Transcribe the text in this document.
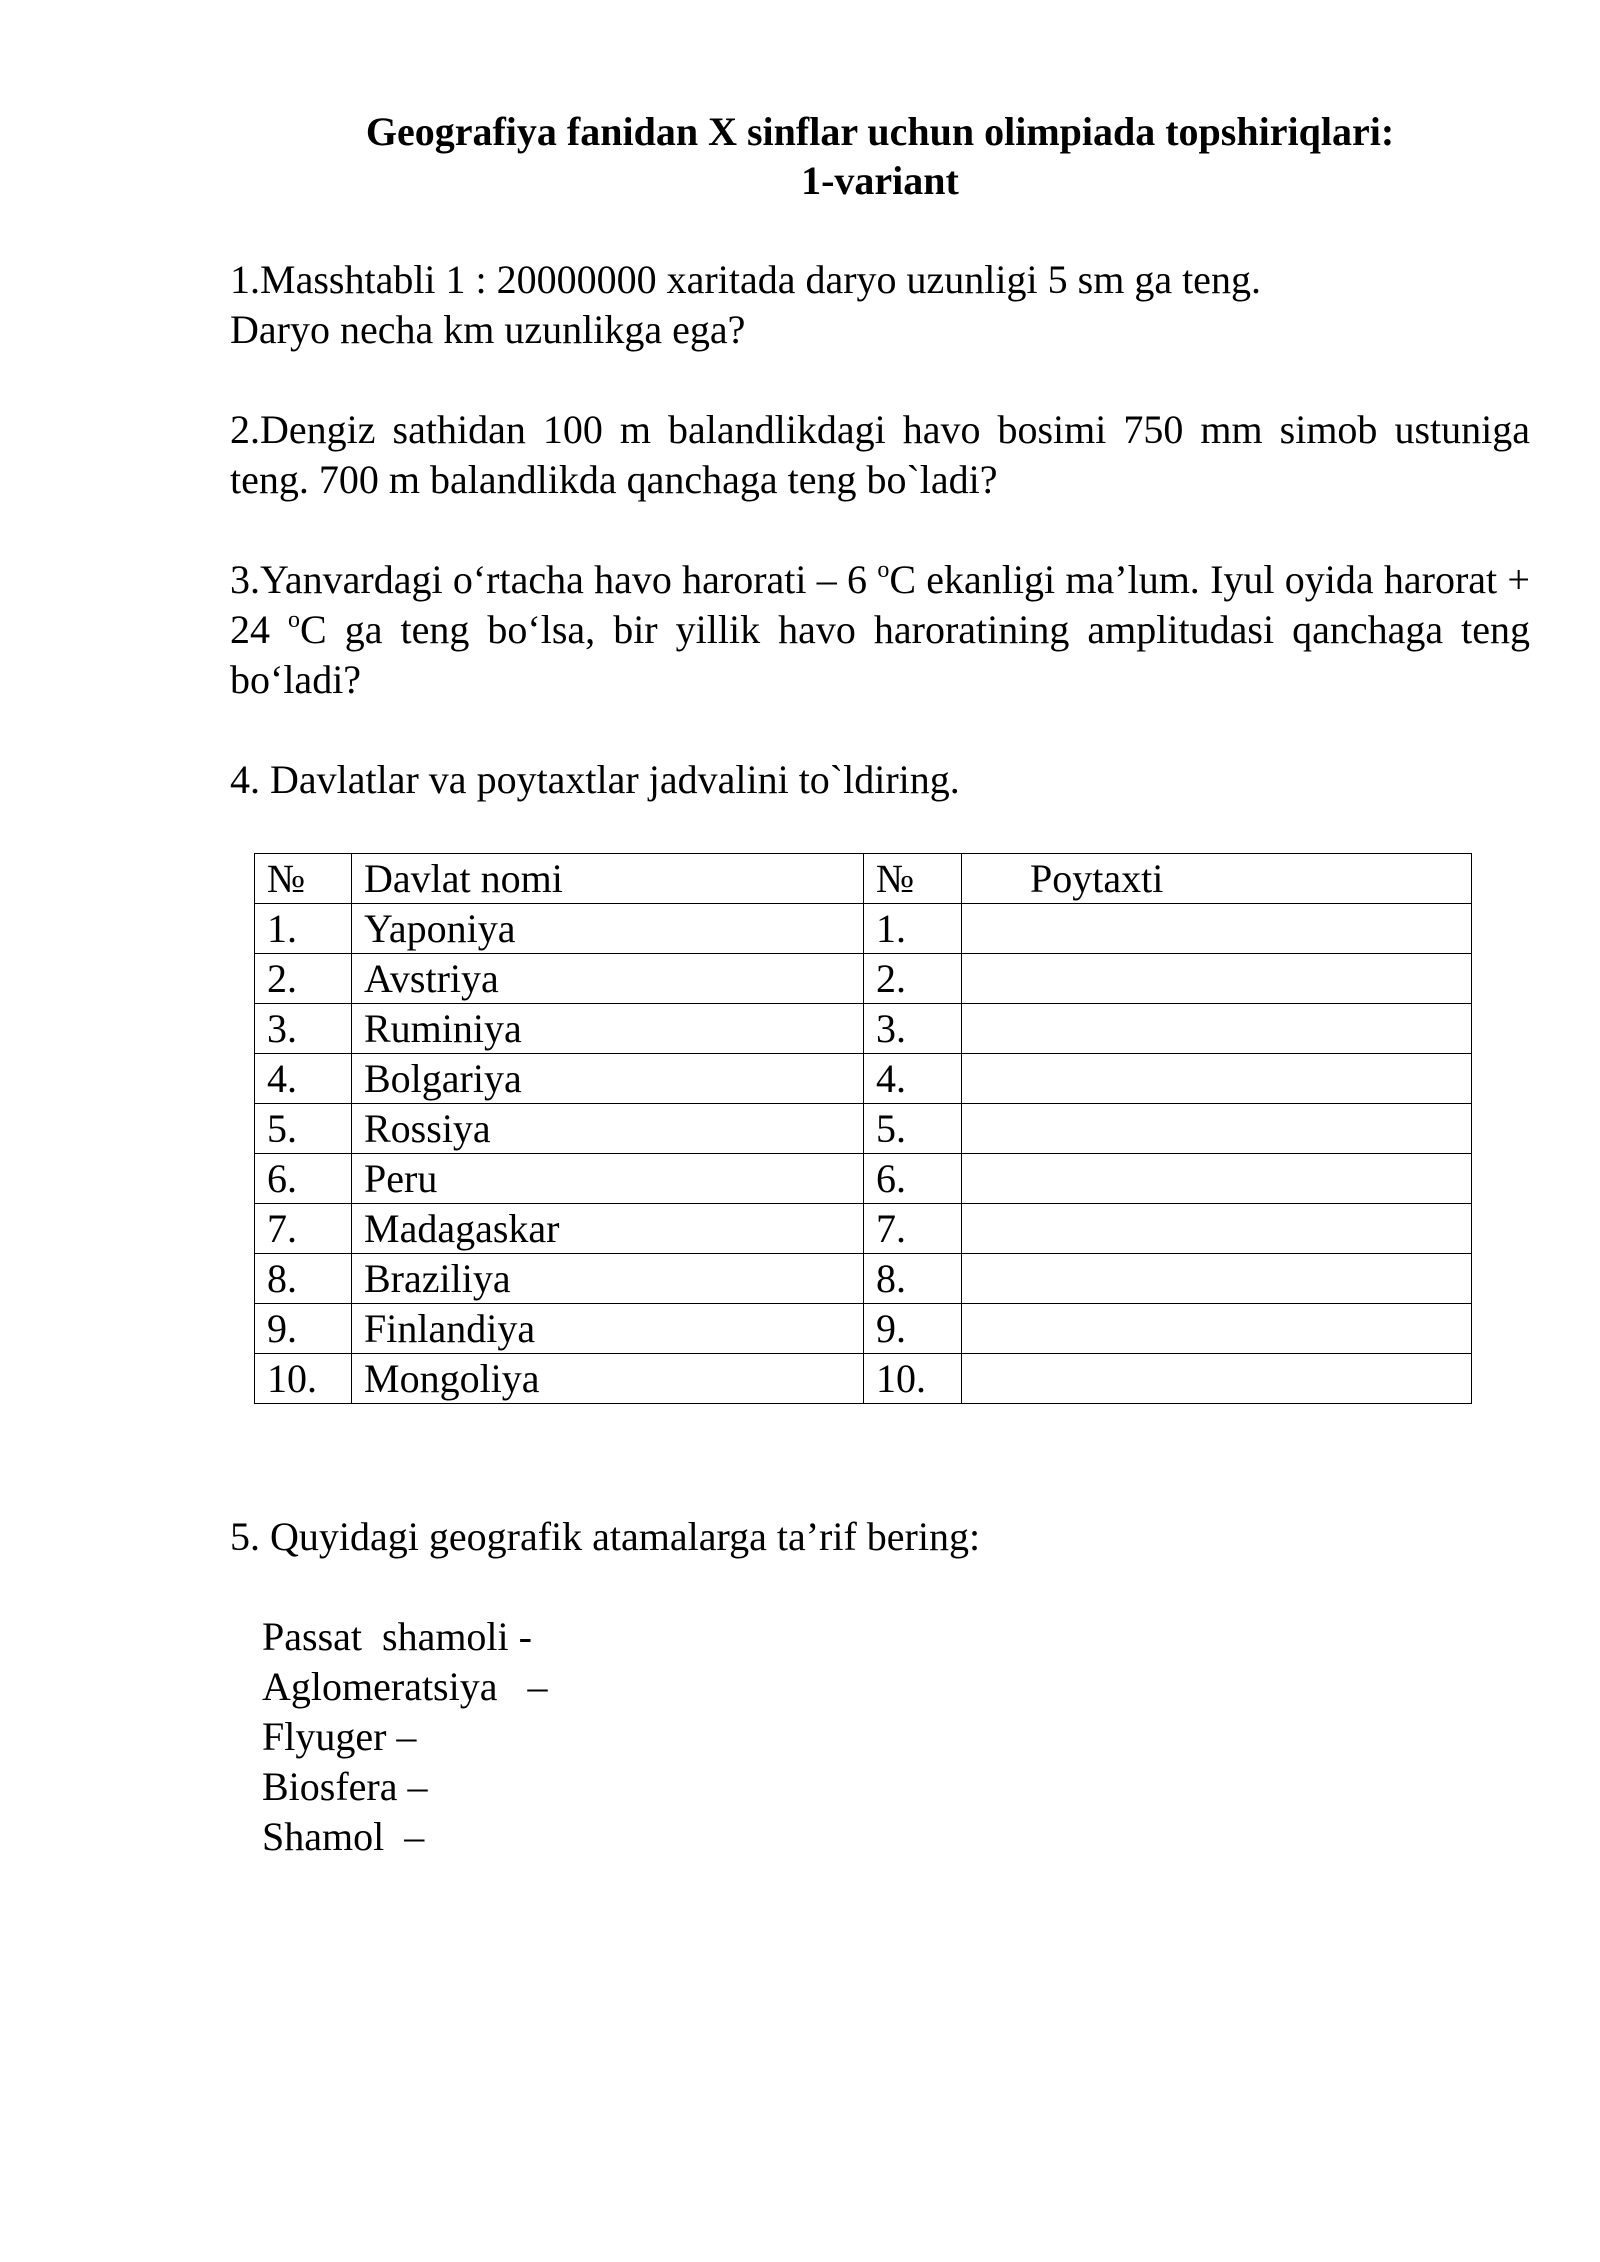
Geografiya fanidan X sinflar uchun olimpiada topshiriqlari:
1-variant
1.Masshtabli 1 : 20000000 xaritada daryo uzunligi 5 sm ga teng.
Daryo necha km uzunlikga ega?
2.Dengiz sathidan 100 m balandlikdagi havo bosimi 750 mm simob ustuniga teng. 700 m balandlikda qanchaga teng bo`ladi?
3.Yanvardagi o‘rtacha havo harorati – 6 $^o$C ekanligi ma’lum. Iyul oyida harorat + 24 $^o$C ga teng bo‘lsa, bir yillik havo haroratining amplitudasi qanchaga teng bo‘ladi?
4. Davlatlar va poytaxtlar jadvalini to`ldiring.
№	Davlat nomi	№	Poytaxti
1.	Yaponiya	1.	
2.	Avstriya	2.	
3.	Ruminiya	3.	
4.	Bolgariya	4.	
5.	Rossiya	5.	
6.	Peru	6.	
7.	Madagaskar	7.	
8.	Braziliya	8.	
9.	Finlandiya	9.	
10.	Mongoliya	10.	
5. Quyidagi geografik atamalarga ta’rif bering:
Passat  shamoli -
Aglomeratsiya   –
Flyuger –
Biosfera –
Shamol  –
